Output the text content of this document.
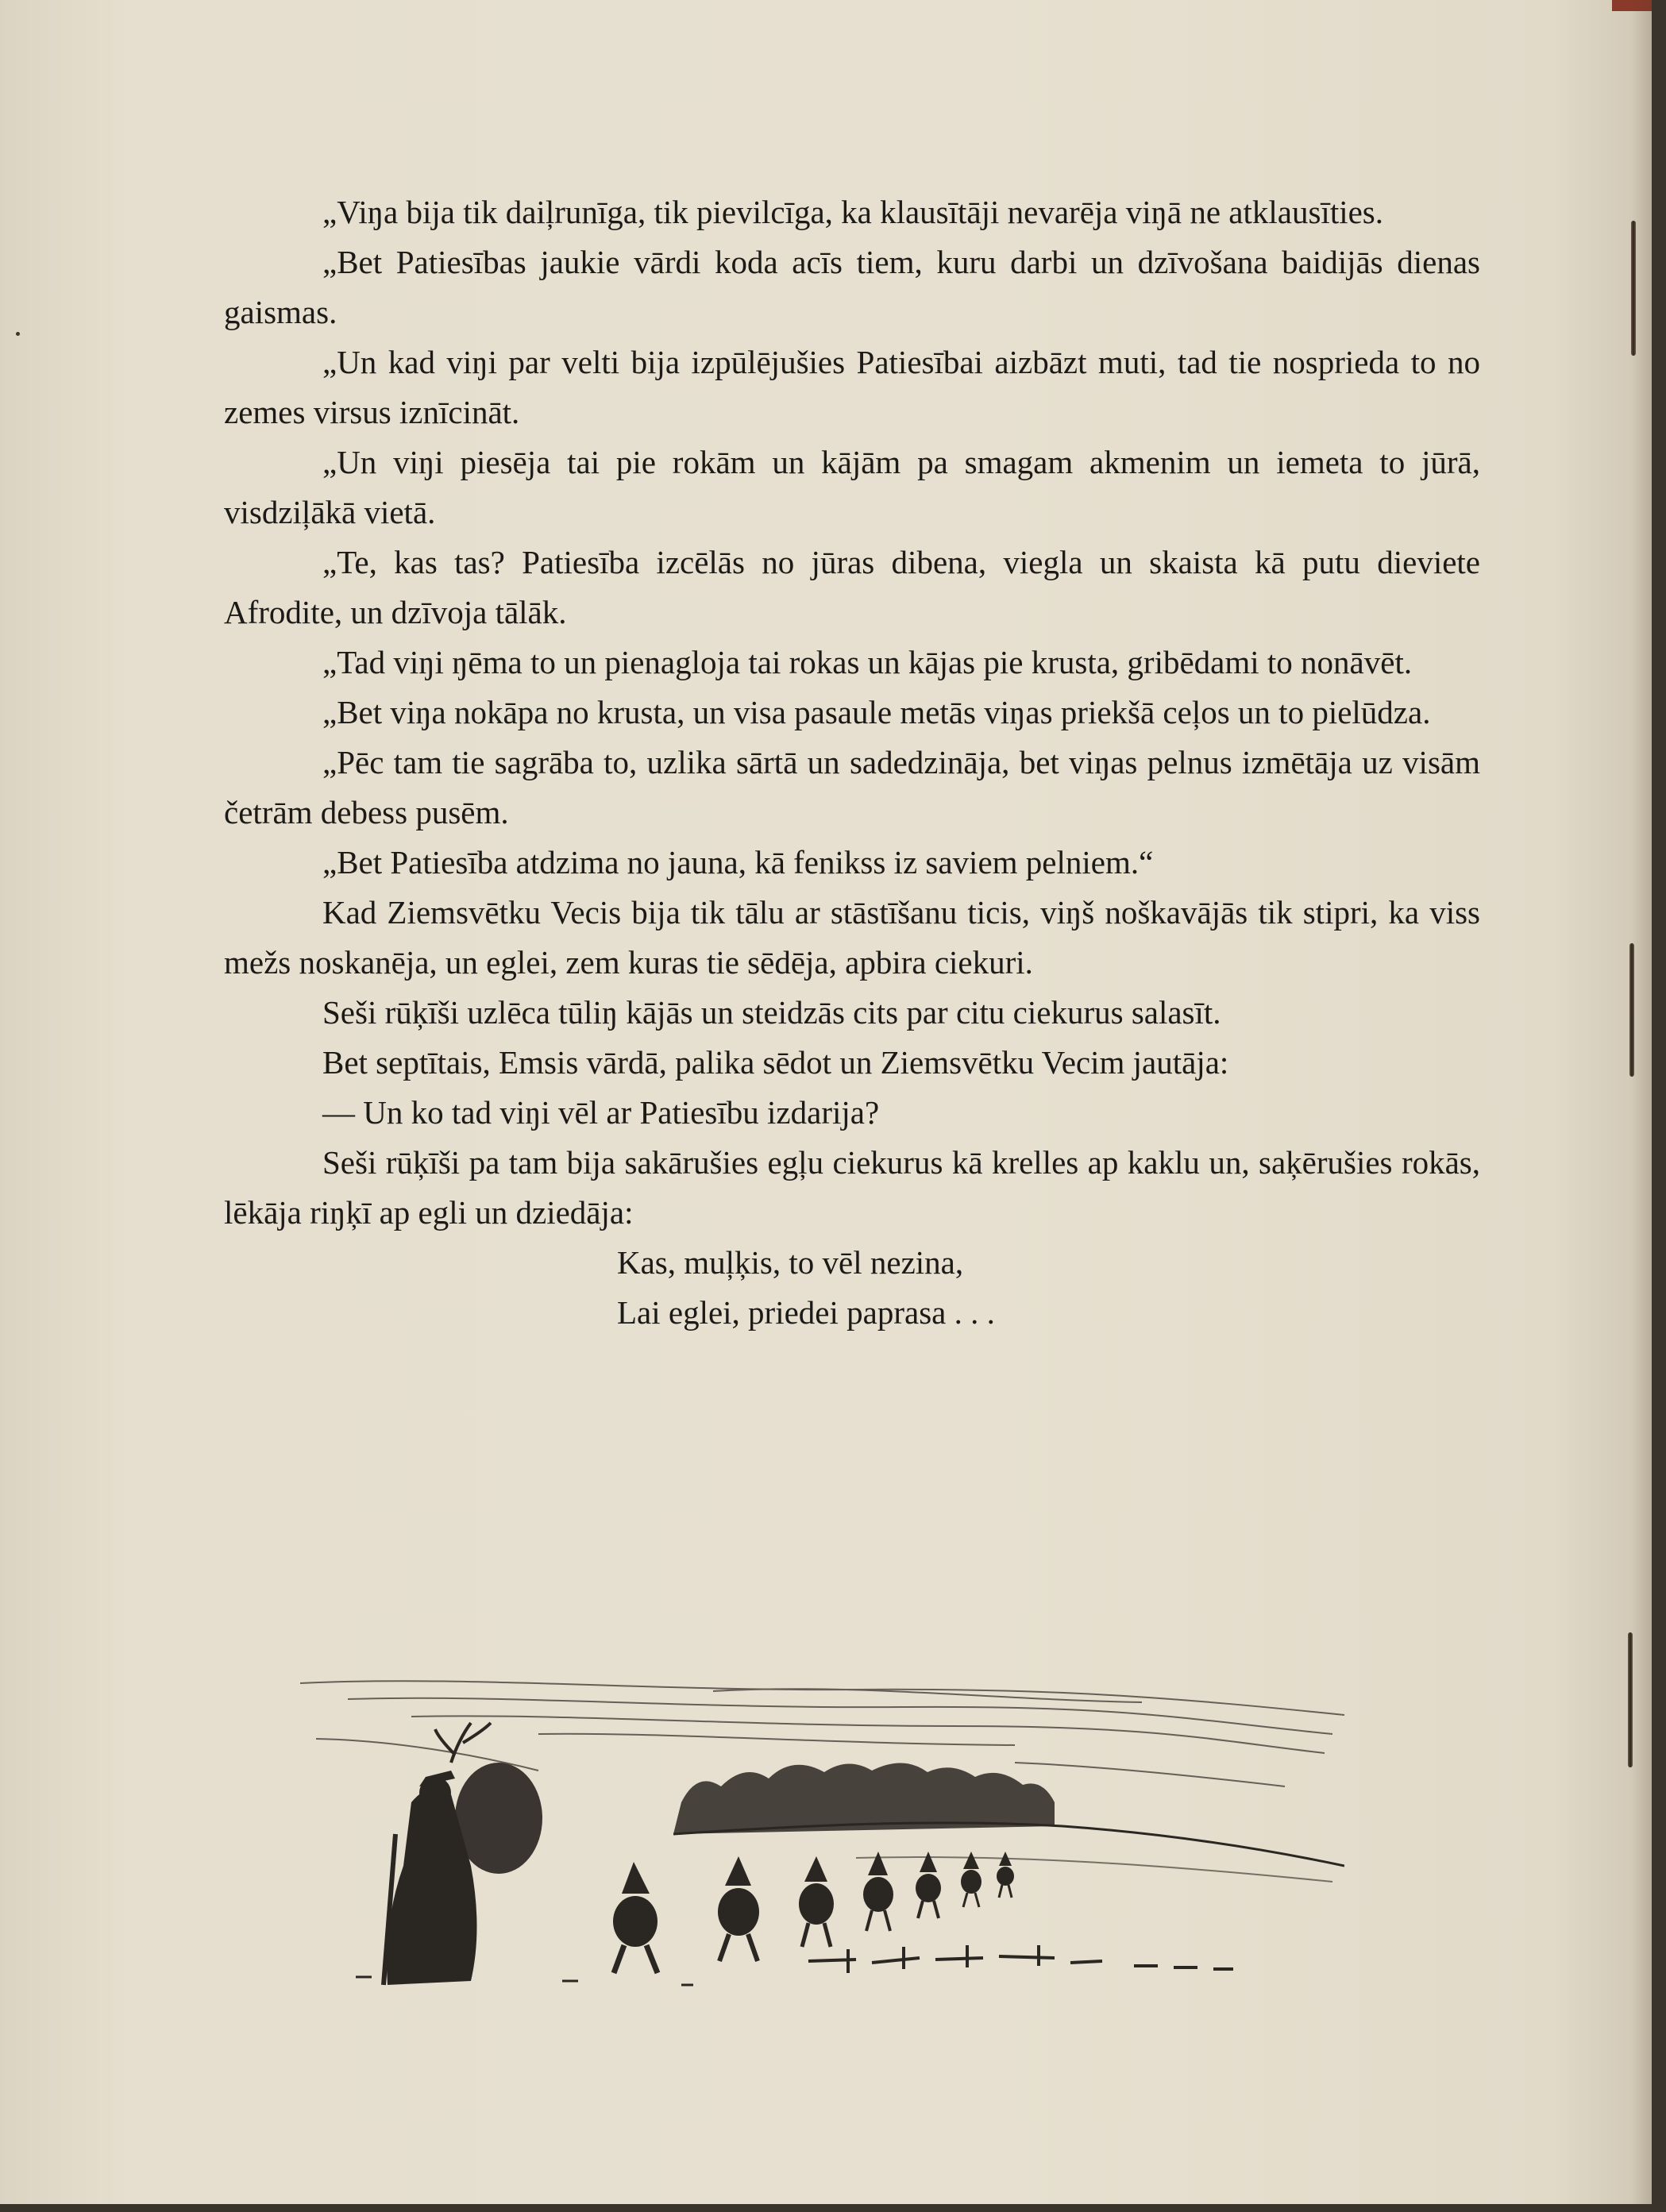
„Viŋa bija tik daiļrunīga, tik pievilcīga, ka klausītāji nevarēja viŋā ne atklausīties.

„Bet Patiesības jaukie vārdi koda acīs tiem, kuru darbi un dzīvošana baidijās dienas gaismas.

„Un kad viŋi par velti bija izpūlējušies Patiesībai aizbāzt muti, tad tie nosprieda to no zemes virsus iznīcināt.

„Un viŋi piesēja tai pie rokām un kājām pa smagam akmenim un iemeta to jūrā, visdziļākā vietā.

„Te, kas tas? Patiesība izcēlās no jūras dibena, viegla un skaista kā putu dieviete Afrodite, un dzīvoja tālāk.

„Tad viŋi ŋēma to un pienagloja tai rokas un kājas pie krusta, gribēdami to nonāvēt.

„Bet viŋa nokāpa no krusta, un visa pasaule metās viŋas priekšā ceļos un to pielūdza.

„Pēc tam tie sagrāba to, uzlika sārtā un sadedzināja, bet viŋas pelnus izmētāja uz visām četrām debess pusēm.

„Bet Patiesība atdzima no jauna, kā fenikss iz saviem pelniem.“

Kad Ziemsvētku Vecis bija tik tālu ar stāstīšanu ticis, viŋš noškavājās tik stipri, ka viss mežs noskanēja, un eglei, zem kuras tie sēdēja, apbira ciekuri.

Seši rūķīši uzlēca tūliŋ kājās un steidzās cits par citu ciekurus salasīt.

Bet septītais, Emsis vārdā, palika sēdot un Ziemsvētku Vecim jautāja:

— Un ko tad viŋi vēl ar Patiesību izdarija?

Seši rūķīši pa tam bija sakārušies egļu ciekurus kā krelles ap kaklu un, saķērušies rokās, lēkāja riŋķī ap egli un dziedāja:

Kas, muļķis, to vēl nezina,

Lai eglei, priedei paprasa . . .
